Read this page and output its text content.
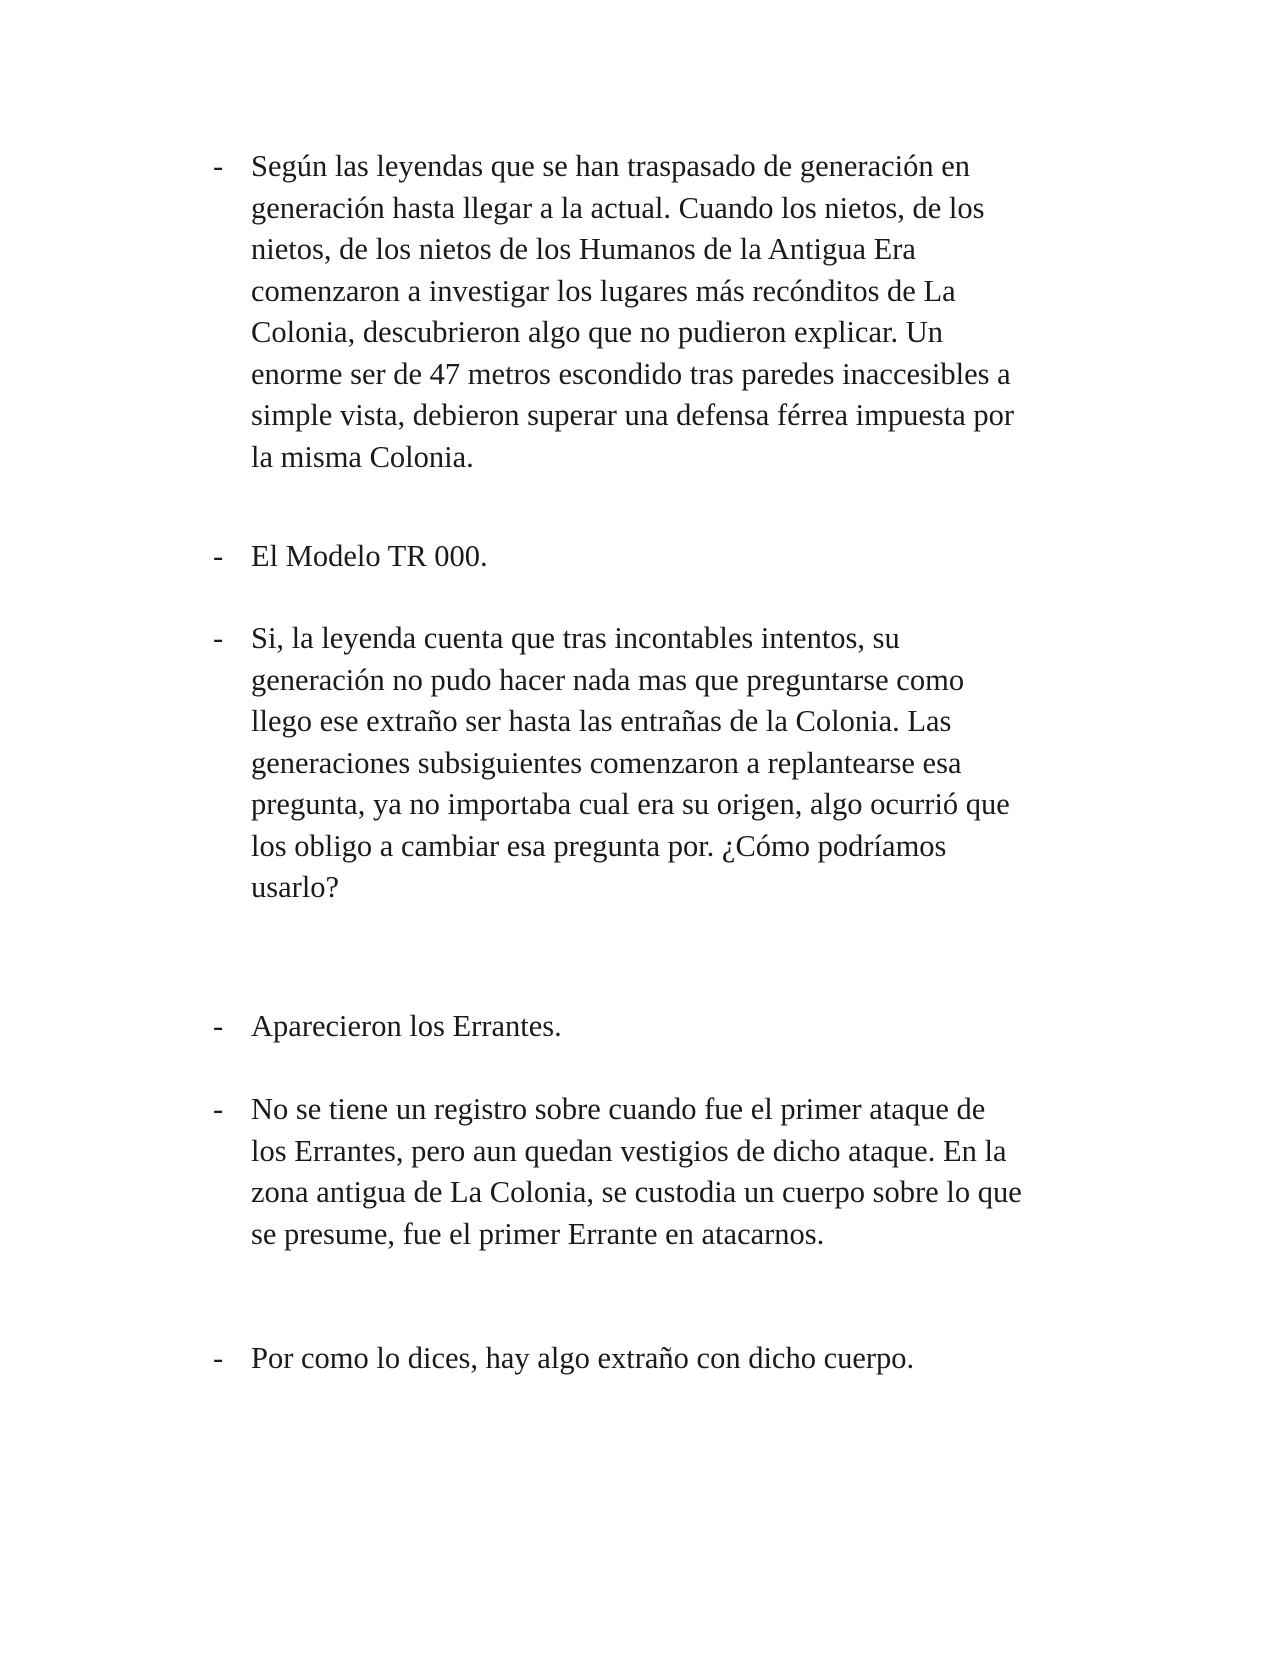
- Según las leyendas que se han traspasado de generación en
generación hasta llegar a la actual. Cuando los nietos, de los
nietos, de los nietos de los Humanos de la Antigua Era
comenzaron a investigar los lugares más recónditos de La
Colonia, descubrieron algo que no pudieron explicar. Un
enorme ser de 47 metros escondido tras paredes inaccesibles a
simple vista, debieron superar una defensa férrea impuesta por
la misma Colonia.
- El Modelo TR 000.
- Si, la leyenda cuenta que tras incontables intentos, su
generación no pudo hacer nada mas que preguntarse como
llego ese extraño ser hasta las entrañas de la Colonia. Las
generaciones subsiguientes comenzaron a replantearse esa
pregunta, ya no importaba cual era su origen, algo ocurrió que
los obligo a cambiar esa pregunta por. ¿Cómo podríamos
usarlo?
- Aparecieron los Errantes.
- No se tiene un registro sobre cuando fue el primer ataque de
los Errantes, pero aun quedan vestigios de dicho ataque. En la
zona antigua de La Colonia, se custodia un cuerpo sobre lo que
se presume, fue el primer Errante en atacarnos.
- Por como lo dices, hay algo extraño con dicho cuerpo.
